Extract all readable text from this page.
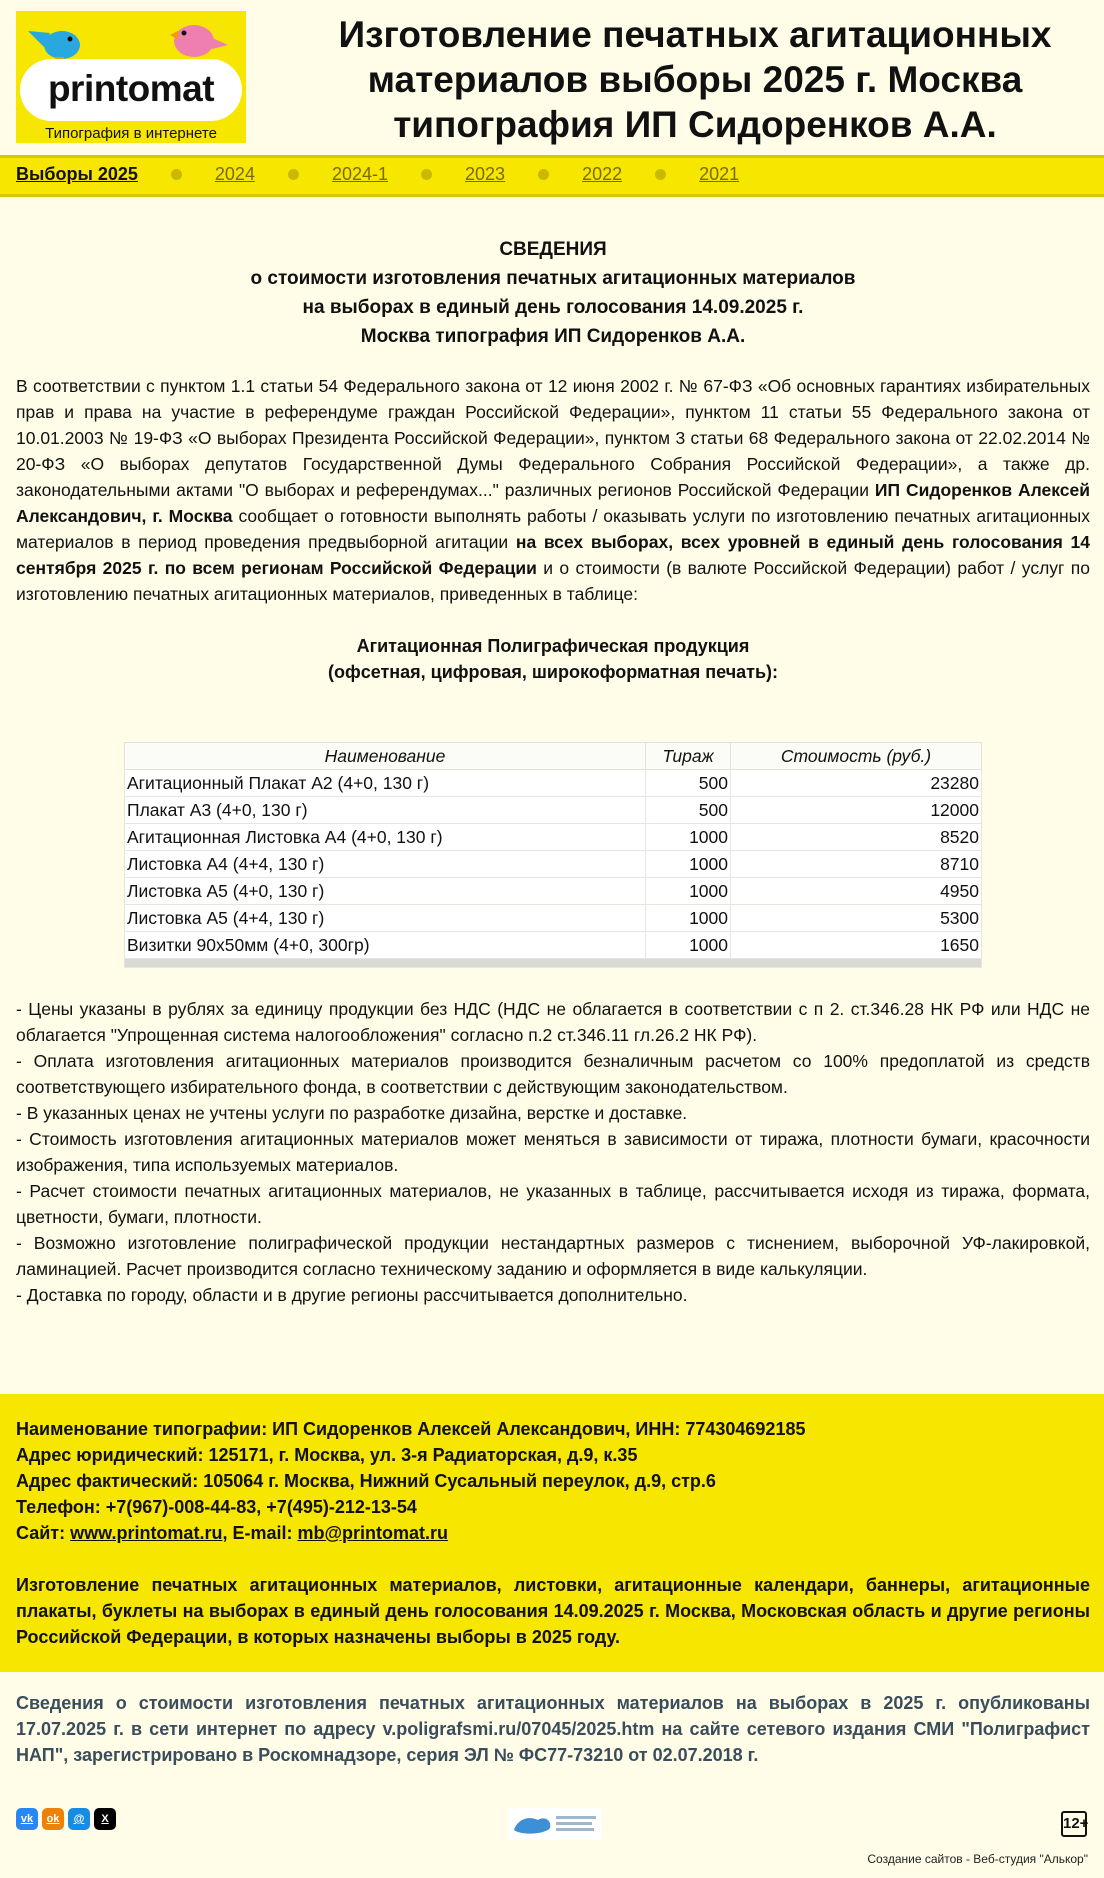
printomat
Типография в интернете
Изготовление печатных агитационных материалов выборы 2025 г. Москва типография ИП Сидоренков А.А.
Выборы 2025	2024	2024-1	2023	2022	2021
СВЕДЕНИЯ
о стоимости изготовления печатных агитационных материалов
на выборах в единый день голосования 14.09.2025 г.
Москва типография ИП Сидоренков А.А.
В соответствии с пунктом 1.1 статьи 54 Федерального закона от 12 июня 2002 г. № 67-ФЗ «Об основных гарантиях избирательных прав и права на участие в референдуме граждан Российской Федерации», пунктом 11 статьи 55 Федерального закона от 10.01.2003 № 19-ФЗ «О выборах Президента Российской Федерации», пунктом 3 статьи 68 Федерального закона от 22.02.2014 № 20-ФЗ «О выборах депутатов Государственной Думы Федерального Собрания Российской Федерации», а также др. законодательными актами "О выборах и референдумах..." различных регионов Российской Федерации ИП Сидоренков Алексей Александович, г. Москва сообщает о готовности выполнять работы / оказывать услуги по изготовлению печатных агитационных материалов в период проведения предвыборной агитации на всех выборах, всех уровней в единый день голосования 14 сентября 2025 г. по всем регионам Российской Федерации и о стоимости (в валюте Российской Федерации) работ / услуг по изготовлению печатных агитационных материалов, приведенных в таблице:
Агитационная Полиграфическая продукция
(офсетная, цифровая, широкоформатная печать):
Наименование	Тираж	Стоимость (руб.)
Агитационный Плакат А2 (4+0, 130 г)	500	23280
Плакат А3 (4+0, 130 г)	500	12000
Агитационная Листовка А4 (4+0, 130 г)	1000	8520
Листовка А4 (4+4, 130 г)	1000	8710
Листовка А5 (4+0, 130 г)	1000	4950
Листовка А5 (4+4, 130 г)	1000	5300
Визитки 90х50мм (4+0, 300гр)	1000	1650

- Цены указаны в рублях за единицу продукции без НДС (НДС не облагается в соответствии с п 2. ст.346.28 НК РФ или НДС не облагается "Упрощенная система налогообложения" согласно п.2 ст.346.11 гл.26.2 НК РФ).

- Оплата изготовления агитационных материалов производится безналичным расчетом со 100% предоплатой из средств соответствующего избирательного фонда, в соответствии с действующим законодательством.

- В указанных ценах не учтены услуги по разработке дизайна, верстке и доставке.

- Стоимость изготовления агитационных материалов может меняться в зависимости от тиража, плотности бумаги, красочности изображения, типа используемых материалов.

- Расчет стоимости печатных агитационных материалов, не указанных в таблице, рассчитывается исходя из тиража, формата, цветности, бумаги, плотности.

- Возможно изготовление полиграфической продукции нестандартных размеров с тиснением, выборочной УФ-лакировкой, ламинацией. Расчет производится согласно техническому заданию и оформляется в виде калькуляции.

- Доставка по городу, области и в другие регионы рассчитывается дополнительно.

Наименование типографии: ИП Сидоренков Алексей Александович, ИНН: 774304692185

Адрес юридический: 125171, г. Москва, ул. 3-я Радиаторская, д.9, к.35

Адрес фактический: 105064 г. Москва, Нижний Сусальный переулок, д.9, стр.6

Телефон: +7(967)-008-44-83, +7(495)-212-13-54

Сайт: www.printomat.ru, E-mail: mb@printomat.ru

Изготовление печатных агитационных материалов, листовки, агитационные календари, баннеры, агитационные плакаты, буклеты на выборах в единый день голосования 14.09.2025 г. Москва, Московская область и другие регионы Российской Федерации, в которых назначены выборы в 2025 году.

Сведения о стоимости изготовления печатных агитационных материалов на выборах в 2025 г. опубликованы 17.07.2025 г. в сети интернет по адресу v.poligrafsmi.ru/07045/2025.htm на сайте сетевого издания СМИ "Полиграфист НАП", зарегистрировано в Роскомнадзоре, серия ЭЛ № ФС77-73210 от 02.07.2018 г.
vk	ok	@	X	12+
Создание сайтов - Веб-студия "Алькор"
